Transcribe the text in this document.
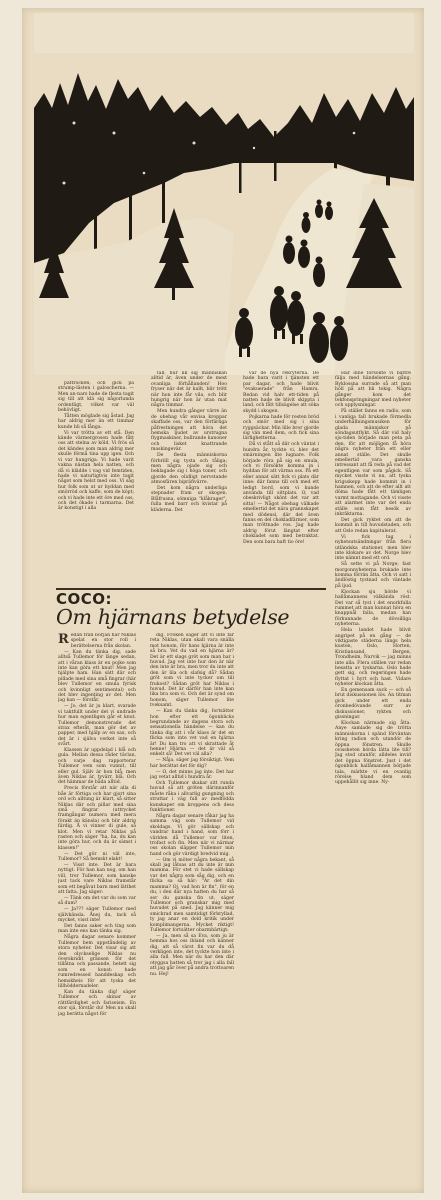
pattrocken, och gick på strump-lästen i galoscherna. — Men an-nars hade de flesta tagit sig till att klä sig någorlunda ordentligt, vilket var väl behövligt.

Tåtten möglade sig åstad. Jag har aldrig mer än ett timmar kunde bli så långa.

Vi var trötta av ett stå. Den kände värmergrosen hade fått oss att stelna av köld. Vi frös så det kändes som man aldrig mer skulle förmå tina upp igen. Och vi var hungriga. Vi hade varit vakna nästan hela natten, och då vi klädde i vag vid femtiden, hade vi naturligtvis inte tagit något som helst med oss. Vi såg hur folk som ut ur hyddan med smörröd och kaffe, som de köpt; och vi hade inte ett öre med oss, och det ökade i tarmarna. Det är konstigt i alla

fall, hur lik sig människan alltid är, även under de mest ovanliga förhållanden! Hoo fryser när det är kallt, blir trött när hon inte får vila, och blir hungrig när hon är utan mat några timmar.

Men hundra gånger värre än de obehag vår envisa kroppar skaffade oss, var den förfärliga påfrestningen att höra det hemska ljudet av urstrugna flygmaskiner, bullrande kanoner och lisket knattrande maskingevär.

De flesta människorna förbrilll sig tysta och tåliga; men några ojade sig och beklagade sig i höga toner, och gjorde den olidligt nervstande atmosfären bipräfivärre.

Det kom några underliga stepnader fram ur skogen. Blåfrusna, sömniga "klåkrager", fulla med barr och kvistar på kläderna. Det

var de nya rekryterna. De hade bara varit i tjänsten ett par dagar, och hade blivit "evakuerade" från Hamra. Redan vid halv ett-tiden på natten hade de blivit skippta i land, och fått tillsägelse att söka skydd i skogen.

Pojkarna hade för resten bröd och smör med sig i sina ryggsäckar. Min lille bror gjorde sig vän med dem, och fick sina lärfighetterna.

Då vi stått så där och väntat i hundra år, tyckte vi, blev det smärningen lite lugnare. Folk började röra på sig en smula, och vi försökte komma in i hyddan för att värma oss. På ett eller annat sätt fick vi plats där inne: där fanns till och med ett ledigt bord, som vi kunde använda till sittplats. O, vad obeskrivligt skönt det var att sitta! — Något obehag välkade emellertid det nära grannskapet med dödensi, där det även fanns en del chokladfärmer, som man tröttnade ros. Jag hade aldrig förut längtat efter chokladet som med betraktat. Den som bara haft tio öre!

Här inne försökte vi bättre fälja med händelsernas gång. Byklossna surrade så att man höll på att bli tokig. Några gånger kom det tekfonspringningar med nyheter och upplysningar.

På stället fanns en radio, som i vanliga fall brukade förmedla underhållningsmusiken för glada människor på söndagsutflykt. Så där vid halv sju-tiden började man peta på den, för att möjligen få höra några nyheter från ett eller annat ställe. Det skulle emellertid vara ganska intressant att få reda på vad det egentligen var som pågick. Så mycket visste vi nu, att tyska krigsskepp hade kommit in i hamnen, och att de efter allt att döma hade fått ett tämligen varmt mottagande. Och vi visste att alarmet inte var det enda ställe som fått besök av inkräktarna.

Det gick ryktet om att de kommit in till huvudstaden, och att Oslo redan kapitulerat.

Vi fick tag i nyhetsutsändningar från flera utländska stationer, men blev inte klokare av det. Norge blev inte nämnt med ett ord.

Så sette vi på Norge; fast morgonnyheterna brukade inte komma förrän åtta. Och vi satt i ändlöstig tystnad och väntade på ljud.

Klockan sju hörde vi hallåmannens välkända röst. Det var så tyst i det enorkfulla rummet att man kunnat höra en knappnål falla, medan han förkunnade de dövsilliga nyheterna.

Hela landet hade blivit angripet på en gång — de viktigaste städerna längs hela kusten, Oslo, Horten, Kristiansand, Bergen, Trondheim, Narvik — jag minns inte alla. Flera ställen var redan besatta av tyskarna. Oslo hade gett sig, och regeringen hade flyttat i hyrt och hast. Vidare nyheter klockan åtta.

En gemensam suck — och så brut diskussionen lös. Än titman gick under ett enda öronbedövande surr av diskussioner, rykten och gissningar.

Klockan närmade sig åtta. Anye samlade sig de trötta människorna i spänd förväntan kring radion och utandör de öppna fönstren. Skulle ovissheten hörda lätta lite till? Jag stod utanför, alldeles invid det öppna fönstret. Just i det ögonblick hallåmannen började tala, märkte vi en ovanlig rörelse bland dem som uppehållit sig inne. Ny-

COCO:
Om hjärnans betydelse

Redan från början har Niklas spelat en stor roll i berättelserna från skolan.

— Kan du tänka dig, sade alltså Tullemor för länge sedan, att i våran klass är en pojke som inte kan göra ett knut! Men jag hjälpte ham. Han sätt där och pillade med sina små fingrar (här blev Tullemor en smula fyrisk och kvinnligt sentimental) och det blev ingenting av det. Men jag kan — förstår.

— Jo, det är ju klart, svarade vi taktfullt under det vi undrade hur man egentligen går et knut. Tullemor demonstrerade det strax efteråt, man gör det av papper, med hjälp av en sax, och det är i själva verket inte så svårt.

Klassen är uppdelad i blå och gula. Mellan dessa råder tävlan, och varje dag rapporterar Tullemor vem som vunnit, till eller gul. Själv är hon blå, men även Niklas är, tyvärr, blå. Och det hämmar de båda alltid.

Precis förstår att när alla di båe är förtiga och har gjort sina ord och alltung är klart, så sitter Niklas där och pillar med sina små fingrar (uttrycket framgångar numera med mera förakt än känsla) och blir aldrig färdig. Å vi vinner di gule, så klot. Men vi retar Niklas på rasten och säger "ha, ha, du kan inte göra hur, och du är sämst i klassen!"

— Det gör ni väl inte, Tullemor? Så hemskt elakt!

— Visst inte. Det är bara nyttigt. För han kan nog, om han vill, tror Tullemor, som kanske just tack vare Niklas framstår som ett begåvat barn med lätthet att fatta. Jag säger:

— Tänk om det var du som var så dum?

— Ja??? säger Tullemor med självkänsla. Ånej du, tack så mycket, visst inte!

Det fanns saker och ting som man inte ens kan tänka sig.

Några dagar senare kommer Tullemor hem uppståndelig av stora nyheter. Det visar sig att den olyckselige Niklas nu överskridit gränsen för det tillåtna och passande, betett sig som en konst: hade rumredressed handdeskap och hemskheis för att tyska det lillhöddernadeler.

Kan du tänka dig! säger Tullemor och skinar av rättfärdighet och fariseism. En stor sjä, förstår du! Men nu skall jag berätta något för

dig. Fröken säger att vi inte får reta Niklas, utan skall vara snälla mot honom, för hans hjärna är inte så bra. Vet du vad en hjärna är? Det är ett slags gröt som man har i huvud. Jag vet inte hur den är när den inte är bra, men tror du inte att den är lila och slafsig då? Sådan gröt som vi inte tycker om till frukost? Sådan gröt har Niklas i huvud. Det är därför han inte kan lika bra som vi. Och det är synd om honom, säger Tullemor lite tveksamt.

— Kan du tänka dig, fortsätter hon efter ett ögonblicks begrundande av dagens stora och sensationella händelse — kan du tänka dig att i vår klass är det en flicka som inte vet vad en hjärna är! Du kan tro att vi skrattade åt henne! Hjärna — det är väl så enkelt så! Det vet väl alla?

— Nåja, säger jag försiktigt. Vem har berättat det för dig?

— O, det minns jag inte. Det har jag vetat alltid i hundra år.

Och Tullemor skakar sitt runda huvud så att gröten därinnanför måste råka i allvarlig gungning och struttar i väg full av medfödda kunskaper om kroppens och dess funktioner.

Några dagar senare råkar jag ha samma väg som Tullemor vid skoldags. Vi gör sällskap och vandrar hand i hand, som förr i världen då Tullemor var liten, trofast och fin. Men när vi närmar oss skolan släpper Tullemor min hand och gör värdigt bredvid mig.

— Om vi möter några bekant, så skall jag låtsas att du inte är min mamma. För stet vi hade sällskap var det några som såg dig, och en flicka sa så här: "Är det din mamma? Oj, vad hon är fin", för en du, i den där nya hatten du har så ser du ganska fin ut, säger Tullemor och granskar mig med huvudet på sned. Jag känner mig smickrad men samtidigt förbryllad, ty jag anar en dold kritik under komplimangerna. Mycket riktigt! Tullemor fortsätter obarmhärtigt:

— Ja, men så sa Eva, som ju är hemma hos oss ibland och känner dig, att så värst fin var du då verkligen inte, det tyckte hon inte i alla fall. Men när du har den där otyggsa hatten så tror jag i alla fall att jag går över på andra trottoaren nu. Hej!
